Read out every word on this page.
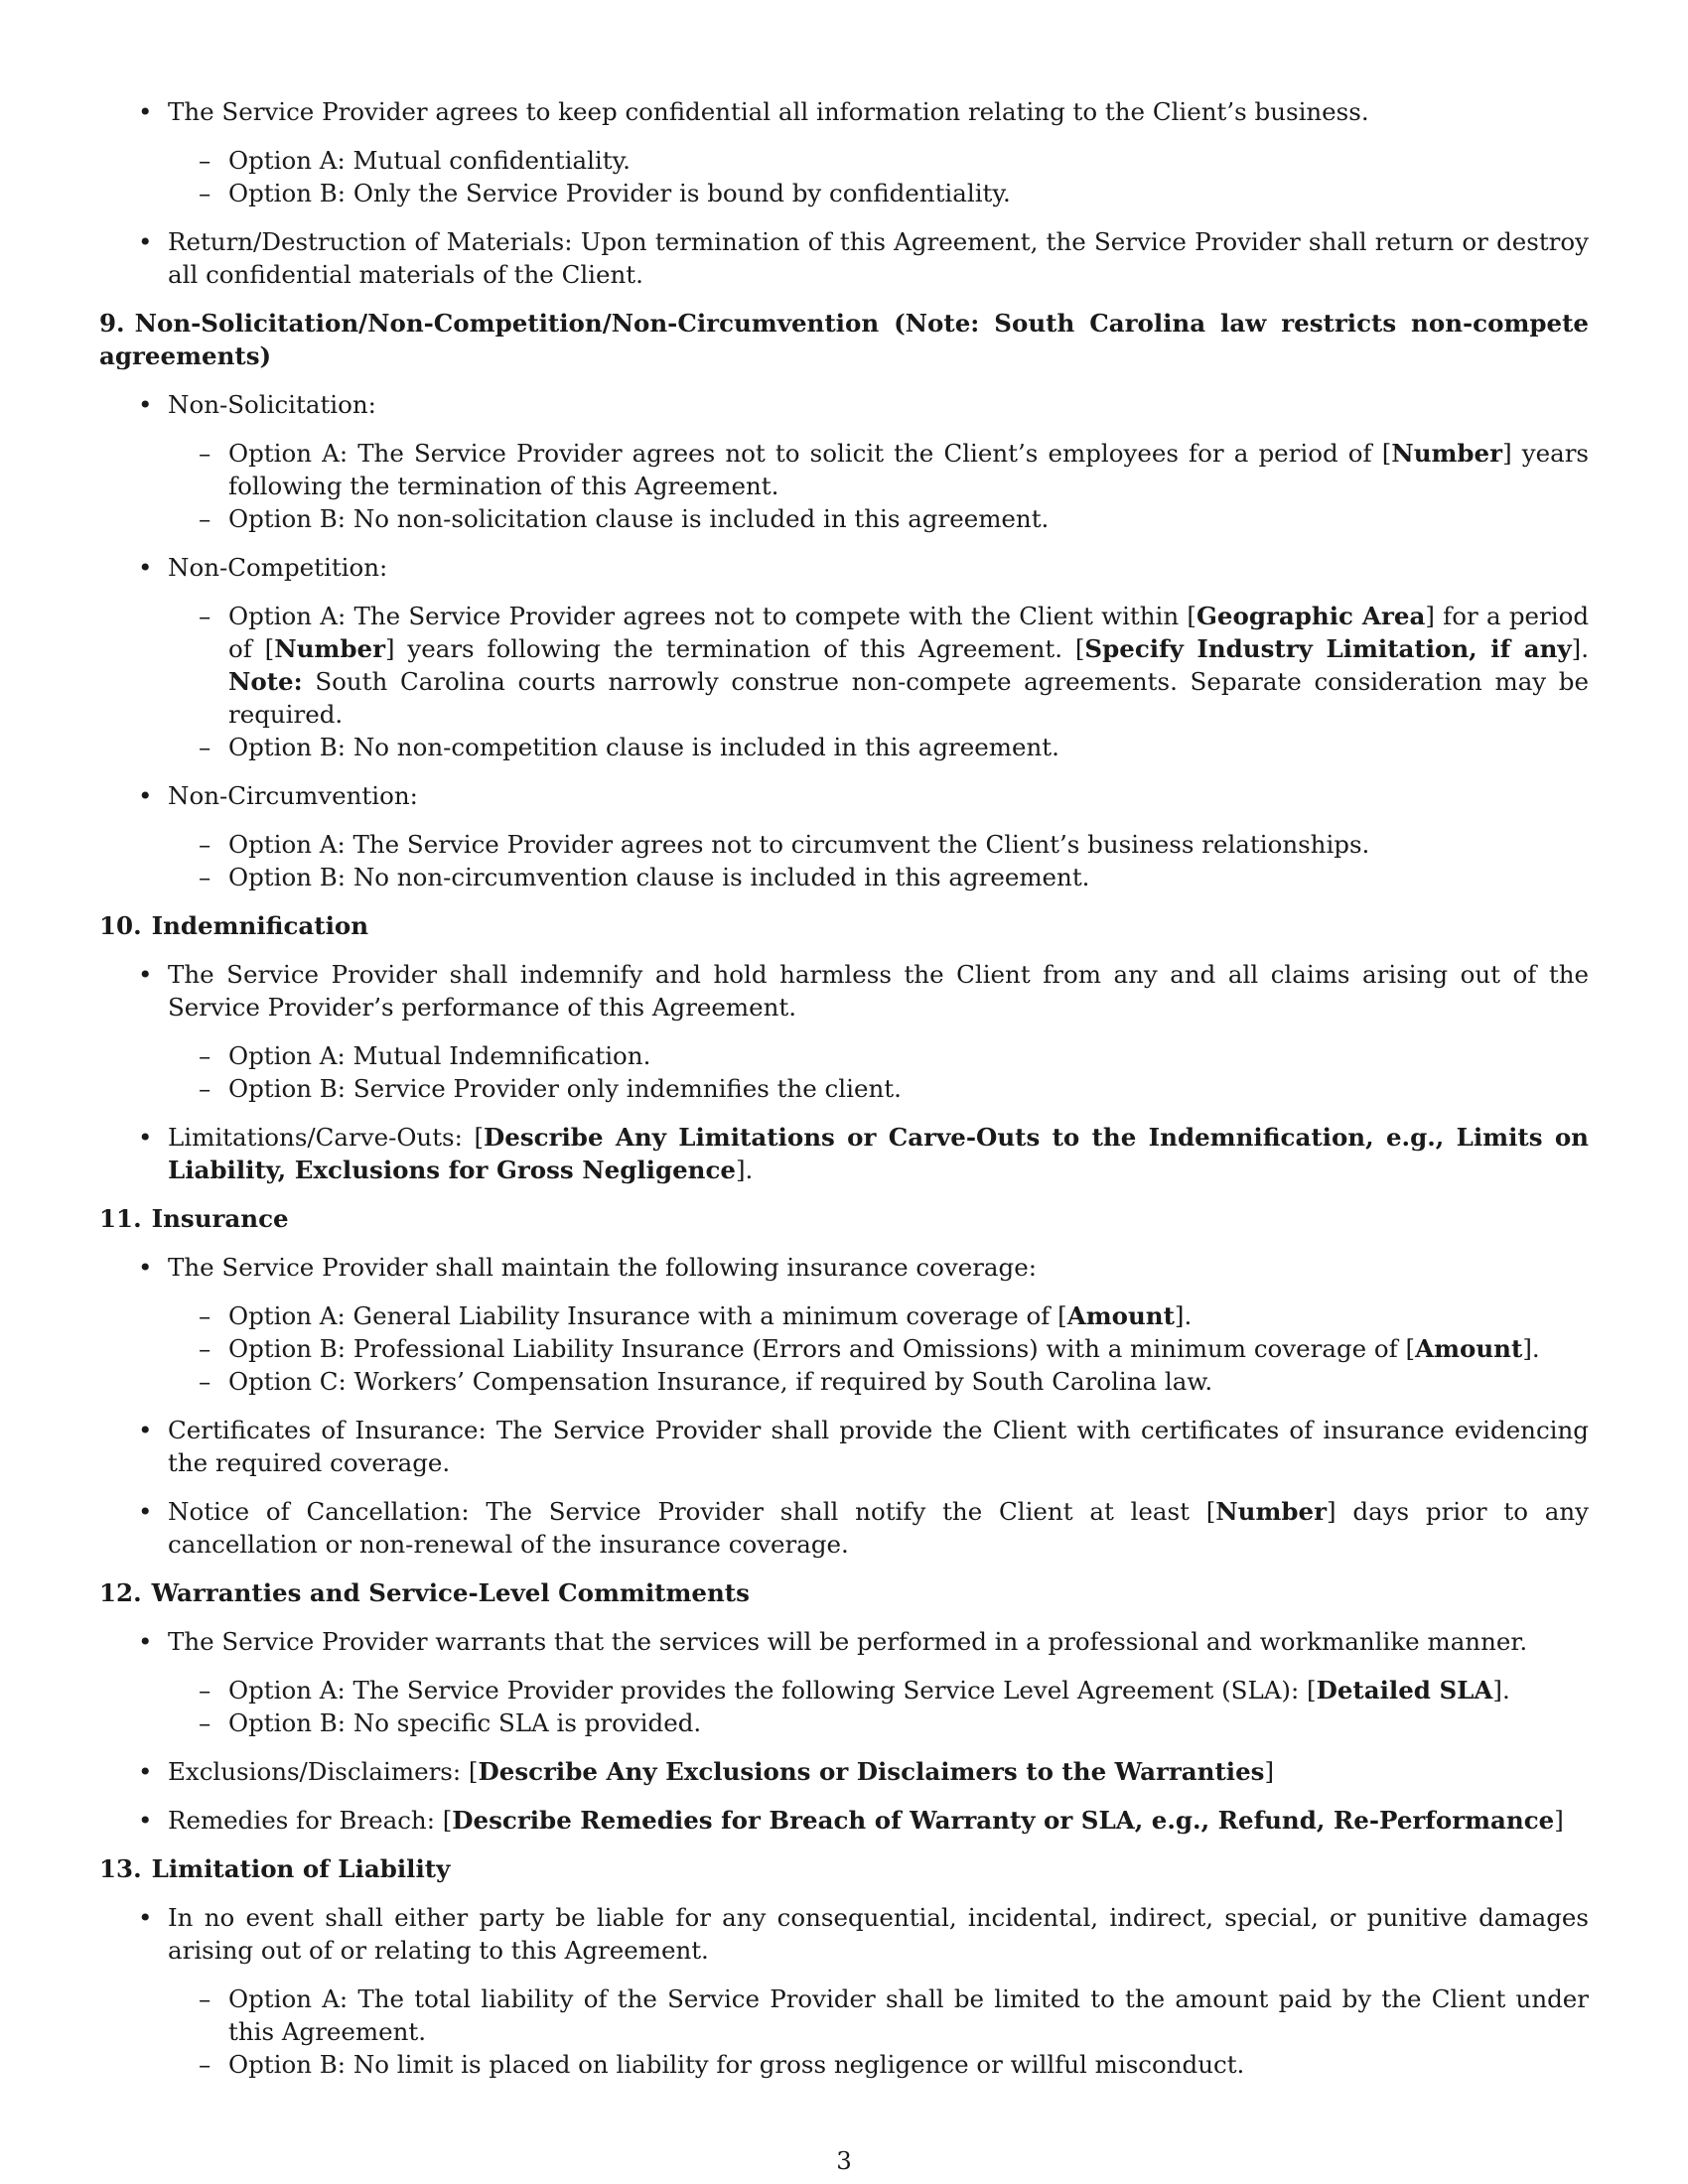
• The Service Provider agrees to keep confidential all information relating to the Client’s business.

– Option A: Mutual confidentiality.

– Option B: Only the Service Provider is bound by confidentiality.

• Return/Destruction of Materials: Upon termination of this Agreement, the Service Provider shall return or destroy all confidential materials of the Client.

9. Non-Solicitation/Non-Competition/Non-Circumvention (Note: South Carolina law restricts non-compete agreements)

• Non-Solicitation:

– Option A: The Service Provider agrees not to solicit the Client’s employees for a period of [Number] years following the termination of this Agreement.

– Option B: No non-solicitation clause is included in this agreement.

• Non-Competition:

– Option A: The Service Provider agrees not to compete with the Client within [Geographic Area] for a period of [Number] years following the termination of this Agreement. [Specify Industry Limitation, if any]. Note: South Carolina courts narrowly construe non-compete agreements. Separate consideration may be required.

– Option B: No non-competition clause is included in this agreement.

• Non-Circumvention:

– Option A: The Service Provider agrees not to circumvent the Client’s business relationships.

– Option B: No non-circumvention clause is included in this agreement.

10. Indemnification

• The Service Provider shall indemnify and hold harmless the Client from any and all claims arising out of the Service Provider’s performance of this Agreement.

– Option A: Mutual Indemnification.

– Option B: Service Provider only indemnifies the client.

• Limitations/Carve-Outs: [Describe Any Limitations or Carve-Outs to the Indemnification, e.g., Limits on Liability, Exclusions for Gross Negligence].

11. Insurance

• The Service Provider shall maintain the following insurance coverage:

– Option A: General Liability Insurance with a minimum coverage of [Amount].

– Option B: Professional Liability Insurance (Errors and Omissions) with a minimum coverage of [Amount].

– Option C: Workers’ Compensation Insurance, if required by South Carolina law.

• Certificates of Insurance: The Service Provider shall provide the Client with certificates of insurance evidencing the required coverage.

• Notice of Cancellation: The Service Provider shall notify the Client at least [Number] days prior to any cancellation or non-renewal of the insurance coverage.

12. Warranties and Service-Level Commitments

• The Service Provider warrants that the services will be performed in a professional and workmanlike manner.

– Option A: The Service Provider provides the following Service Level Agreement (SLA): [Detailed SLA].

– Option B: No specific SLA is provided.

• Exclusions/Disclaimers: [Describe Any Exclusions or Disclaimers to the Warranties]

• Remedies for Breach: [Describe Remedies for Breach of Warranty or SLA, e.g., Refund, Re-Performance]

13. Limitation of Liability

• In no event shall either party be liable for any consequential, incidental, indirect, special, or punitive damages arising out of or relating to this Agreement.

– Option A: The total liability of the Service Provider shall be limited to the amount paid by the Client under this Agreement.

– Option B: No limit is placed on liability for gross negligence or willful misconduct.

3
